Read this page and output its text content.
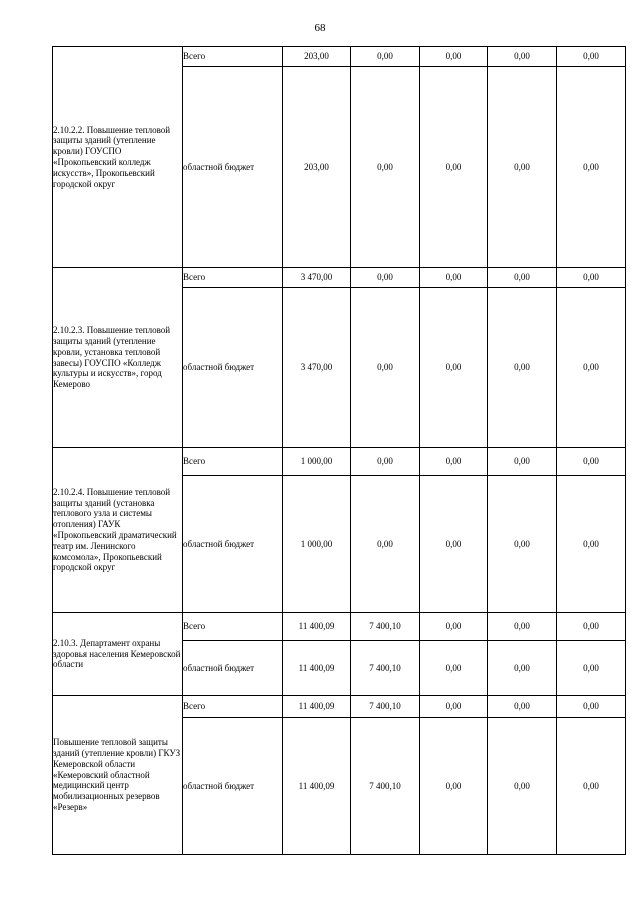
68
2.10.2.2. Повышение тепловой защиты зданий (утепление кровли) ГОУСПО «Прокопьевский колледж искусств», Прокопьевский городской округ	Всего	203,00	0,00	0,00	0,00	0,00
	областной бюджет	203,00	0,00	0,00	0,00	0,00
2.10.2.3. Повышение тепловой защиты зданий (утепление кровли, установка тепловой завесы) ГОУСПО «Колледж культуры и искусств», город Кемерово	Всего	3 470,00	0,00	0,00	0,00	0,00
	областной бюджет	3 470,00	0,00	0,00	0,00	0,00
2.10.2.4. Повышение тепловой защиты зданий (установка теплового узла и системы отопления) ГАУК «Прокопьевский драматический театр им. Ленинского комсомола», Прокопьевский городской округ	Всего	1 000,00	0,00	0,00	0,00	0,00
	областной бюджет	1 000,00	0,00	0,00	0,00	0,00
2.10.3. Департамент охраны здоровья населения Кемеровской области	Всего	11 400,09	7 400,10	0,00	0,00	0,00
	областной бюджет	11 400,09	7 400,10	0,00	0,00	0,00
Повышение тепловой защиты зданий (утепление кровли) ГКУЗ Кемеровской области «Кемеровский областной медицинский центр мобилизационных резервов «Резерв»	Всего	11 400,09	7 400,10	0,00	0,00	0,00
	областной бюджет	11 400,09	7 400,10	0,00	0,00	0,00
